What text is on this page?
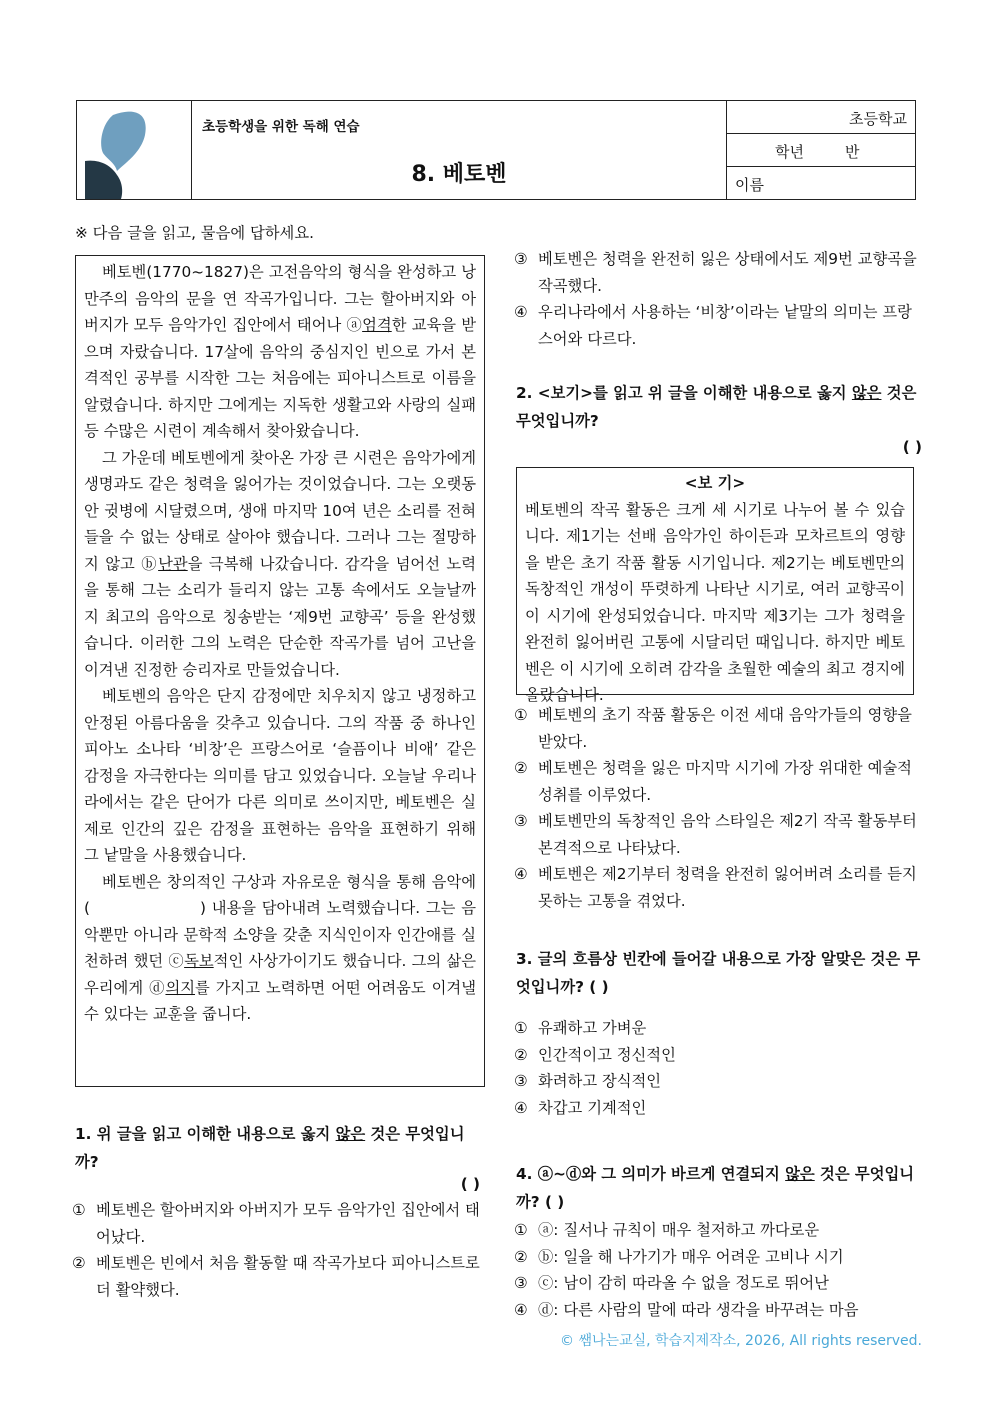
초등학생을 위한 독해 연습
8. 베토벤
초등학교
학년	반
이름
※ 다음 글을 읽고, 물음에 답하세요.

베토벤(1770~1827)은 고전음악의 형식을 완성하고 낭만주의 음악의 문을 연 작곡가입니다. 그는 할아버지와 아버지가 모두 음악가인 집안에서 태어나 ⓐ엄격한 교육을 받으며 자랐습니다. 17살에 음악의 중심지인 빈으로 가서 본격적인 공부를 시작한 그는 처음에는 피아니스트로 이름을 알렸습니다. 하지만 그에게는 지독한 생활고와 사랑의 실패 등 수많은 시련이 계속해서 찾아왔습니다.

그 가운데 베토벤에게 찾아온 가장 큰 시련은 음악가에게 생명과도 같은 청력을 잃어가는 것이었습니다. 그는 오랫동안 귓병에 시달렸으며, 생애 마지막 10여 년은 소리를 전혀 들을 수 없는 상태로 살아야 했습니다. 그러나 그는 절망하지 않고 ⓑ난관을 극복해 나갔습니다. 감각을 넘어선 노력을 통해 그는 소리가 들리지 않는 고통 속에서도 오늘날까지 최고의 음악으로 칭송받는 ‘제9번 교향곡’ 등을 완성했습니다. 이러한 그의 노력은 단순한 작곡가를 넘어 고난을 이겨낸 진정한 승리자로 만들었습니다.

베토벤의 음악은 단지 감정에만 치우치지 않고 냉정하고 안정된 아름다움을 갖추고 있습니다. 그의 작품 중 하나인 피아노 소나타 ‘비창’은 프랑스어로 ‘슬픔이나 비애’ 같은 감정을 자극한다는 의미를 담고 있었습니다. 오늘날 우리나라에서는 같은 단어가 다른 의미로 쓰이지만, 베토벤은 실제로 인간의 깊은 감정을 표현하는 음악을 표현하기 위해 그 낱말을 사용했습니다.

베토벤은 창의적인 구상과 자유로운 형식을 통해 음악에 (	) 내용을 담아내려 노력했습니다. 그는 음악뿐만 아니라 문학적 소양을 갖춘 지식인이자 인간애를 실천하려 했던 ⓒ독보적인 사상가이기도 했습니다. 그의 삶은 우리에게 ⓓ의지를 가지고 노력하면 어떤 어려움도 이겨낼 수 있다는 교훈을 줍니다.

1. 위 글을 읽고 이해한 내용으로 옳지 않은 것은 무엇입니까?
( )
① 베토벤은 할아버지와 아버지가 모두 음악가인 집안에서 태어났다.
② 베토벤은 빈에서 처음 활동할 때 작곡가보다 피아니스트로 더 활약했다.
③ 베토벤은 청력을 완전히 잃은 상태에서도 제9번 교향곡을 작곡했다.
④ 우리나라에서 사용하는 ‘비창’이라는 낱말의 의미는 프랑스어와 다르다.
2. <보기>를 읽고 위 글을 이해한 내용으로 옳지 않은 것은 무엇입니까?
( )
<보 기>
베토벤의 작곡 활동은 크게 세 시기로 나누어 볼 수 있습니다. 제1기는 선배 음악가인 하이든과 모차르트의 영향을 받은 초기 작품 활동 시기입니다. 제2기는 베토벤만의 독창적인 개성이 뚜렷하게 나타난 시기로, 여러 교향곡이 이 시기에 완성되었습니다. 마지막 제3기는 그가 청력을 완전히 잃어버린 고통에 시달리던 때입니다. 하지만 베토벤은 이 시기에 오히려 감각을 초월한 예술의 최고 경지에 올랐습니다.
① 베토벤의 초기 작품 활동은 이전 세대 음악가들의 영향을 받았다.
② 베토벤은 청력을 잃은 마지막 시기에 가장 위대한 예술적 성취를 이루었다.
③ 베토벤만의 독창적인 음악 스타일은 제2기 작곡 활동부터 본격적으로 나타났다.
④ 베토벤은 제2기부터 청력을 완전히 잃어버려 소리를 듣지 못하는 고통을 겪었다.
3. 글의 흐름상 빈칸에 들어갈 내용으로 가장 알맞은 것은 무엇입니까? ( )
① 유쾌하고 가벼운
② 인간적이고 정신적인
③ 화려하고 장식적인
④ 차갑고 기계적인
4. ⓐ~ⓓ와 그 의미가 바르게 연결되지 않은 것은 무엇입니까? ( )
① ⓐ: 질서나 규칙이 매우 철저하고 까다로운
② ⓑ: 일을 해 나가기가 매우 어려운 고비나 시기
③ ⓒ: 남이 감히 따라올 수 없을 정도로 뛰어난
④ ⓓ: 다른 사람의 말에 따라 생각을 바꾸려는 마음
© 쌤나는교실, 학습지제작소, 2026, All rights reserved.
